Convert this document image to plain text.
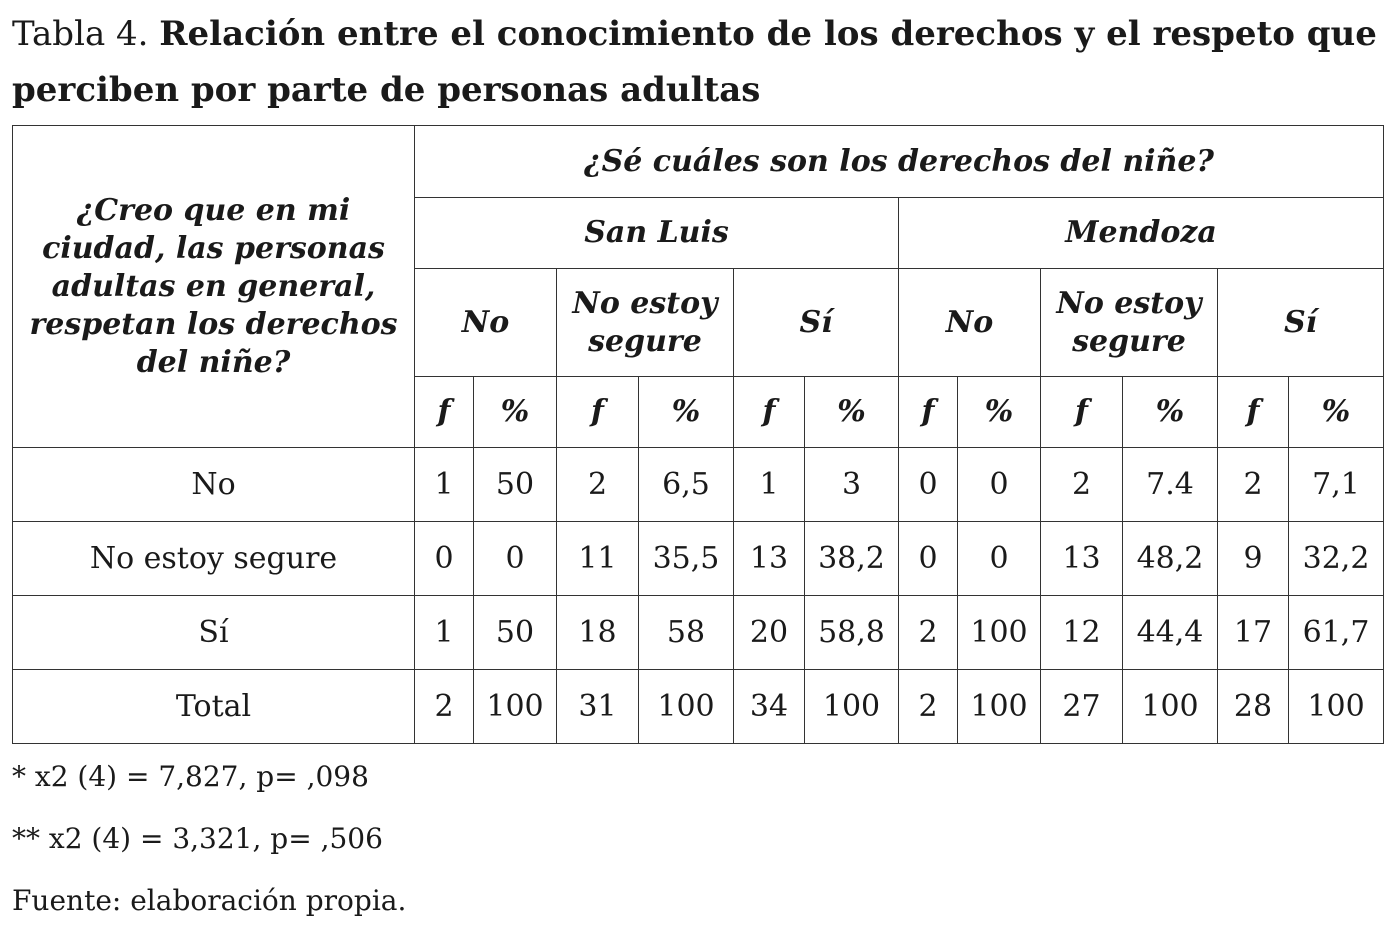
Tabla 4. Relación entre el conocimiento de los derechos y el respeto que perciben por parte de personas adultas

¿Creo que en mi ciudad, las personas adultas en general, respetan los derechos del niñe?	¿Sé cuáles son los derechos del niñe?											
	San Luis						Mendoza					
	No		No estoy segure		Sí		No		No estoy segure		Sí	
	f	%	f	%	f	%	f	%	f	%	f	%
No	1	50	2	6,5	1	3	0	0	2	7.4	2	7,1
No estoy segure	0	0	11	35,5	13	38,2	0	0	13	48,2	9	32,2
Sí	1	50	18	58	20	58,8	2	100	12	44,4	17	61,7
Total	2	100	31	100	34	100	2	100	27	100	28	100
* x2 (4) = 7,827, p= ,098
** x2 (4) = 3,321, p= ,506
Fuente: elaboración propia.
